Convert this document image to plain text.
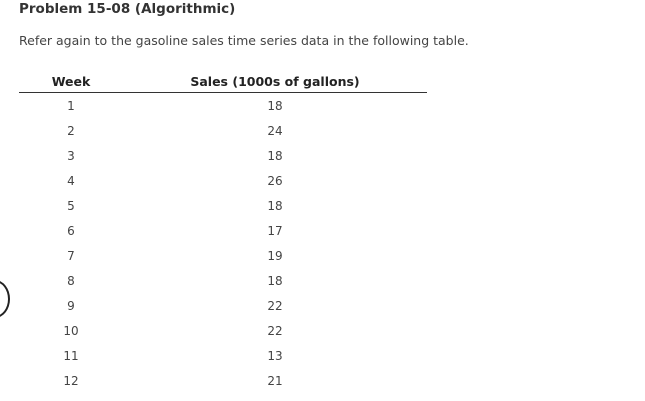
Problem 15-08 (Algorithmic)
Refer again to the gasoline sales time series data in the following table.
Week	Sales (1000s of gallons)
1	18
2	24
3	18
4	26
5	18
6	17
7	19
8	18
9	22
10	22
11	13
12	21
